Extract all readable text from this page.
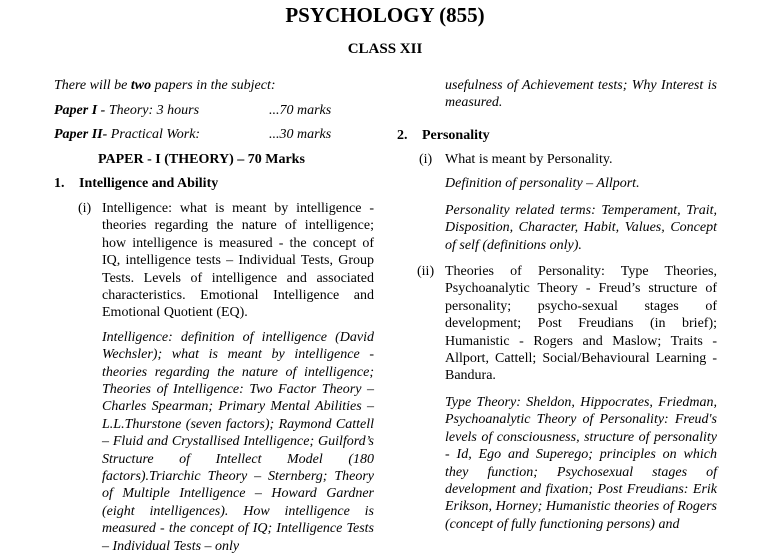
PSYCHOLOGY (855)
CLASS XII
There will be two papers in the subject:
Paper I - Theory: 3 hours	...70 marks
Paper II- Practical Work:	...30 marks
PAPER - I (THEORY) – 70 Marks
1. Intelligence and Ability
(i) Intelligence: what is meant by intelligence - theories regarding the nature of intelligence; how intelligence is measured - the concept of IQ, intelligence tests – Individual Tests, Group Tests. Levels of intelligence and associated characteristics. Emotional Intelligence and Emotional Quotient (EQ).
Intelligence: definition of intelligence (David Wechsler); what is meant by intelligence - theories regarding the nature of intelligence; Theories of Intelligence: Two Factor Theory – Charles Spearman; Primary Mental Abilities – L.L.Thurstone (seven factors); Raymond Cattell – Fluid and Crystallised Intelligence; Guilford’s Structure of Intellect Model (180 factors).Triarchic Theory – Sternberg; Theory of Multiple Intelligence – Howard Gardner (eight intelligences). How intelligence is measured - the concept of IQ; Intelligence Tests – Individual Tests – only
usefulness of Achievement tests; Why Interest is measured.
2. Personality
(i) What is meant by Personality.
Definition of personality – Allport.
Personality related terms: Temperament, Trait, Disposition, Character, Habit, Values, Concept of self (definitions only).
(ii) Theories of Personality: Type Theories, Psychoanalytic Theory - Freud’s structure of personality; psycho-sexual stages of development; Post Freudians (in brief); Humanistic - Rogers and Maslow; Traits - Allport, Cattell; Social/Behavioural Learning - Bandura.
Type Theory: Sheldon, Hippocrates, Friedman, Psychoanalytic Theory of Personality: Freud's levels of consciousness, structure of personality - Id, Ego and Superego; principles on which they function; Psychosexual stages of development and fixation; Post Freudians: Erik Erikson, Horney; Humanistic theories of Rogers (concept of fully functioning persons) and
